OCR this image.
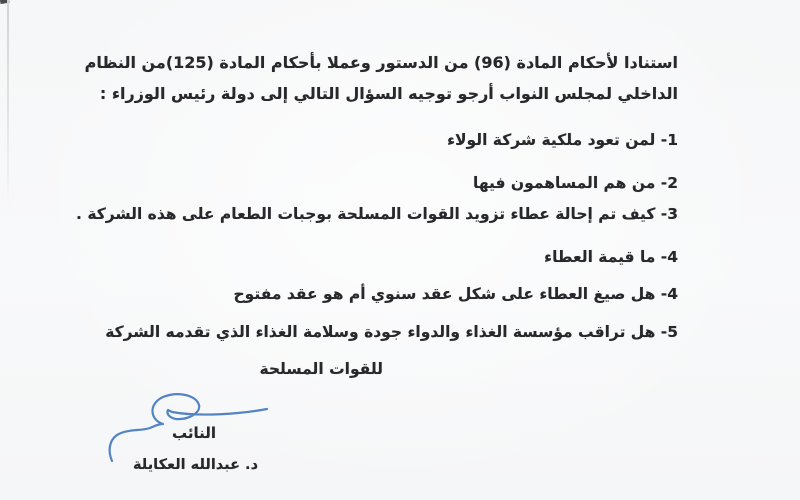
استنادا لأحكام المادة (96) من الدستور وعملا بأحكام المادة (125)من النظام
الداخلي لمجلس النواب أرجو توجيه السؤال التالي إلى دولة رئيس الوزراء :
1- لمن تعود ملكية شركة الولاء
2- من هم المساهمون فيها
3- كيف تم إحالة عطاء تزويد القوات المسلحة بوجبات الطعام على هذه الشركة .
4- ما قيمة العطاء
4- هل صيغ العطاء على شكل عقد سنوي أم هو عقد مفتوح
5- هل تراقب مؤسسة الغذاء والدواء جودة وسلامة الغذاء الذي تقدمه الشركة
للقوات المسلحة
النائب
د. عبدالله العكايلة
